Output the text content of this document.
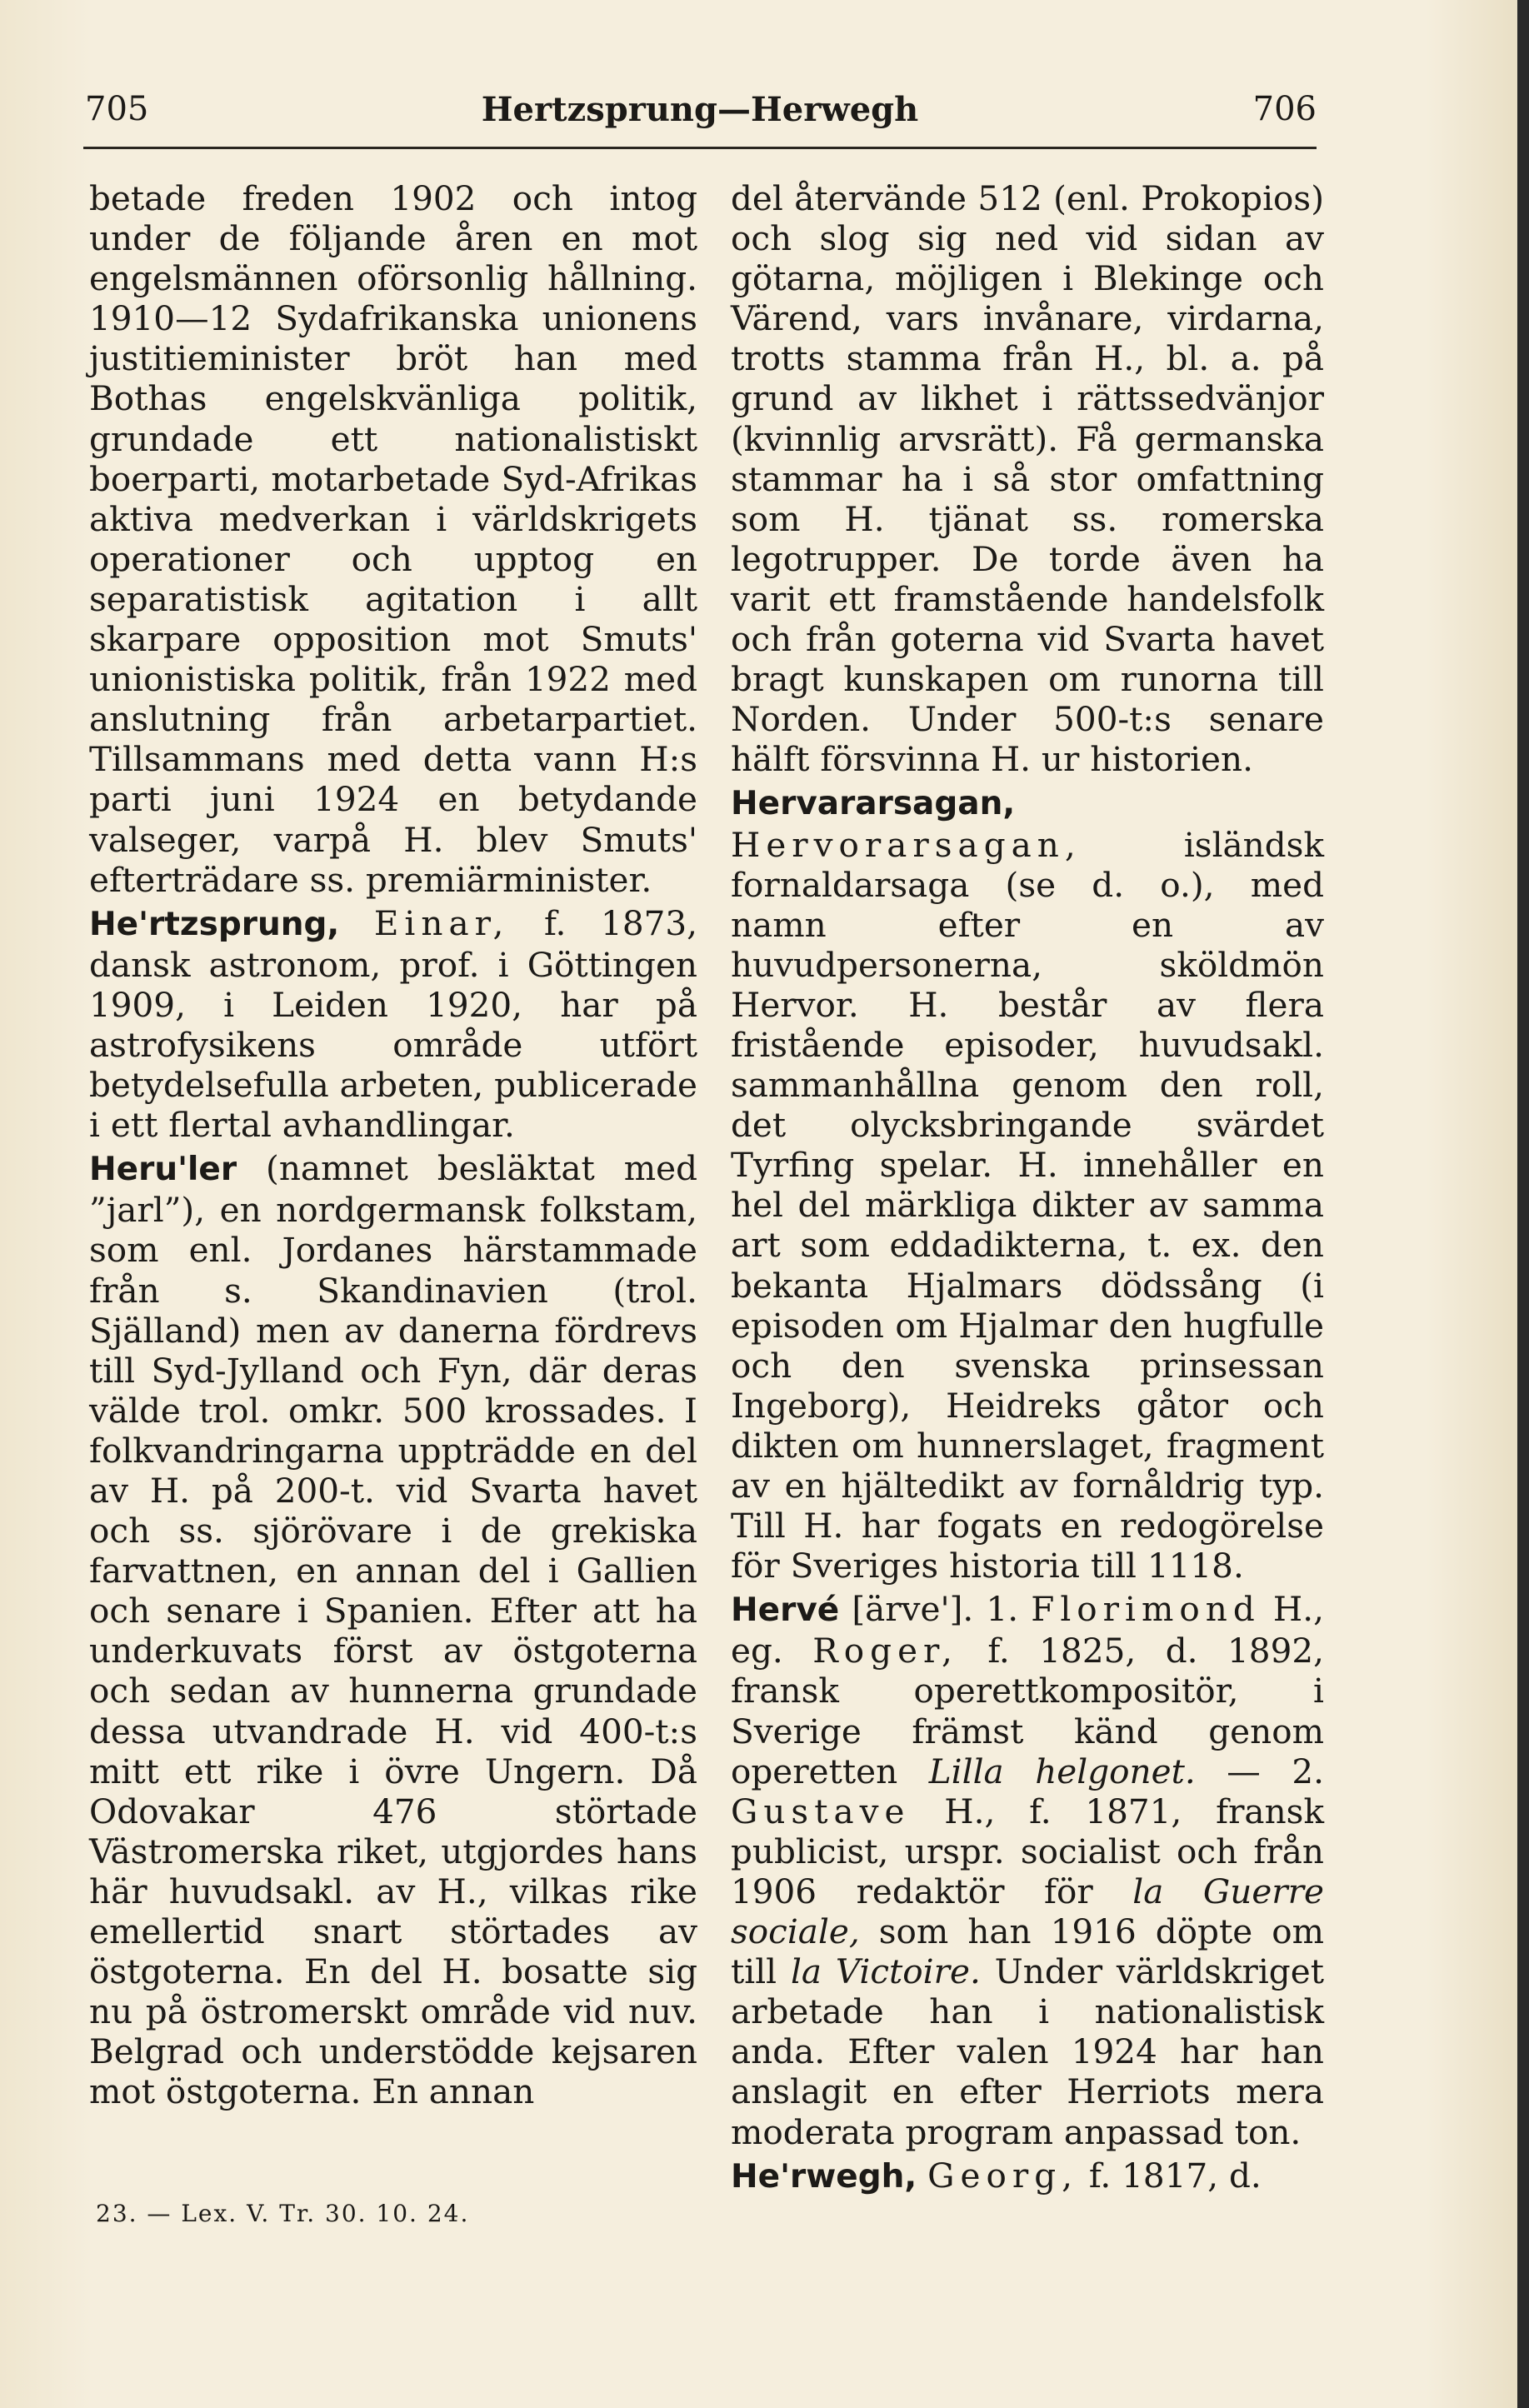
705	Hertzsprung—Herwegh	706

betade freden 1902 och intog under de följande åren en mot engelsmännen oförsonlig hållning. 1910—12 Sydafrikanska unionens justitieminister bröt han med Bothas engelskvänliga politik, grundade ett nationalistiskt boerparti, motarbetade Syd-Afrikas aktiva medverkan i världskrigets operationer och upptog en separatistisk agitation i allt skarpare opposition mot Smuts' unionistiska politik, från 1922 med anslutning från arbetarpartiet. Tillsammans med detta vann H:s parti juni 1924 en betydande valseger, varpå H. blev Smuts' efterträdare ss. premiärminister.

He'rtzsprung, Einar, f. 1873, dansk astronom, prof. i Göttingen 1909, i Leiden 1920, har på astrofysikens område utfört betydelsefulla arbeten, publicerade i ett flertal avhandlingar.

Heru'ler (namnet besläktat med ”jarl”), en nordgermansk folkstam, som enl. Jordanes härstammade från s. Skandinavien (trol. Själland) men av danerna fördrevs till Syd-Jylland och Fyn, där deras välde trol. omkr. 500 krossades. I folkvandringarna uppträdde en del av H. på 200-t. vid Svarta havet och ss. sjörövare i de grekiska farvattnen, en annan del i Gallien och senare i Spanien. Efter att ha underkuvats först av östgoterna och sedan av hunnerna grundade dessa utvandrade H. vid 400-t:s mitt ett rike i övre Ungern. Då Odovakar 476 störtade Västromerska riket, utgjordes hans här huvudsakl. av H., vilkas rike emellertid snart störtades av östgoterna. En del H. bosatte sig nu på östromerskt område vid nuv. Belgrad och understödde kejsaren mot östgoterna. En annan

del återvände 512 (enl. Prokopios) och slog sig ned vid sidan av götarna, möjligen i Blekinge och Värend, vars invånare, virdarna, trotts stamma från H., bl. a. på grund av likhet i rättssedvänjor (kvinnlig arvsrätt). Få germanska stammar ha i så stor omfattning som H. tjänat ss. romerska legotrupper. De torde även ha varit ett framstående handelsfolk och från goterna vid Svarta havet bragt kunskapen om runorna till Norden. Under 500-t:s senare hälft försvinna H. ur historien.

Hervararsagan, Hervorarsagan, isländsk fornaldarsaga (se d. o.), med namn efter en av huvudpersonerna, sköldmön Hervor. H. består av flera fristående episoder, huvudsakl. sammanhållna genom den roll, det olycksbringande svärdet Tyrfing spelar. H. innehåller en hel del märkliga dikter av samma art som eddadikterna, t. ex. den bekanta Hjalmars dödssång (i episoden om Hjalmar den hugfulle och den svenska prinsessan Ingeborg), Heidreks gåtor och dikten om hunnerslaget, fragment av en hjältedikt av fornåldrig typ. Till H. har fogats en redogörelse för Sveriges historia till 1118.

Hervé [ärve']. 1. Florimond H., eg. Roger, f. 1825, d. 1892, fransk operettkompositör, i Sverige främst känd genom operetten Lilla helgonet. — 2. Gustave H., f. 1871, fransk publicist, urspr. socialist och från 1906 redaktör för la Guerre sociale, som han 1916 döpte om till la Victoire. Under världskriget arbetade han i nationalistisk anda. Efter valen 1924 har han anslagit en efter Herriots mera moderata program anpassad ton.

He'rwegh, Georg, f. 1817, d.

23. — Lex. V. Tr. 30. 10. 24.
